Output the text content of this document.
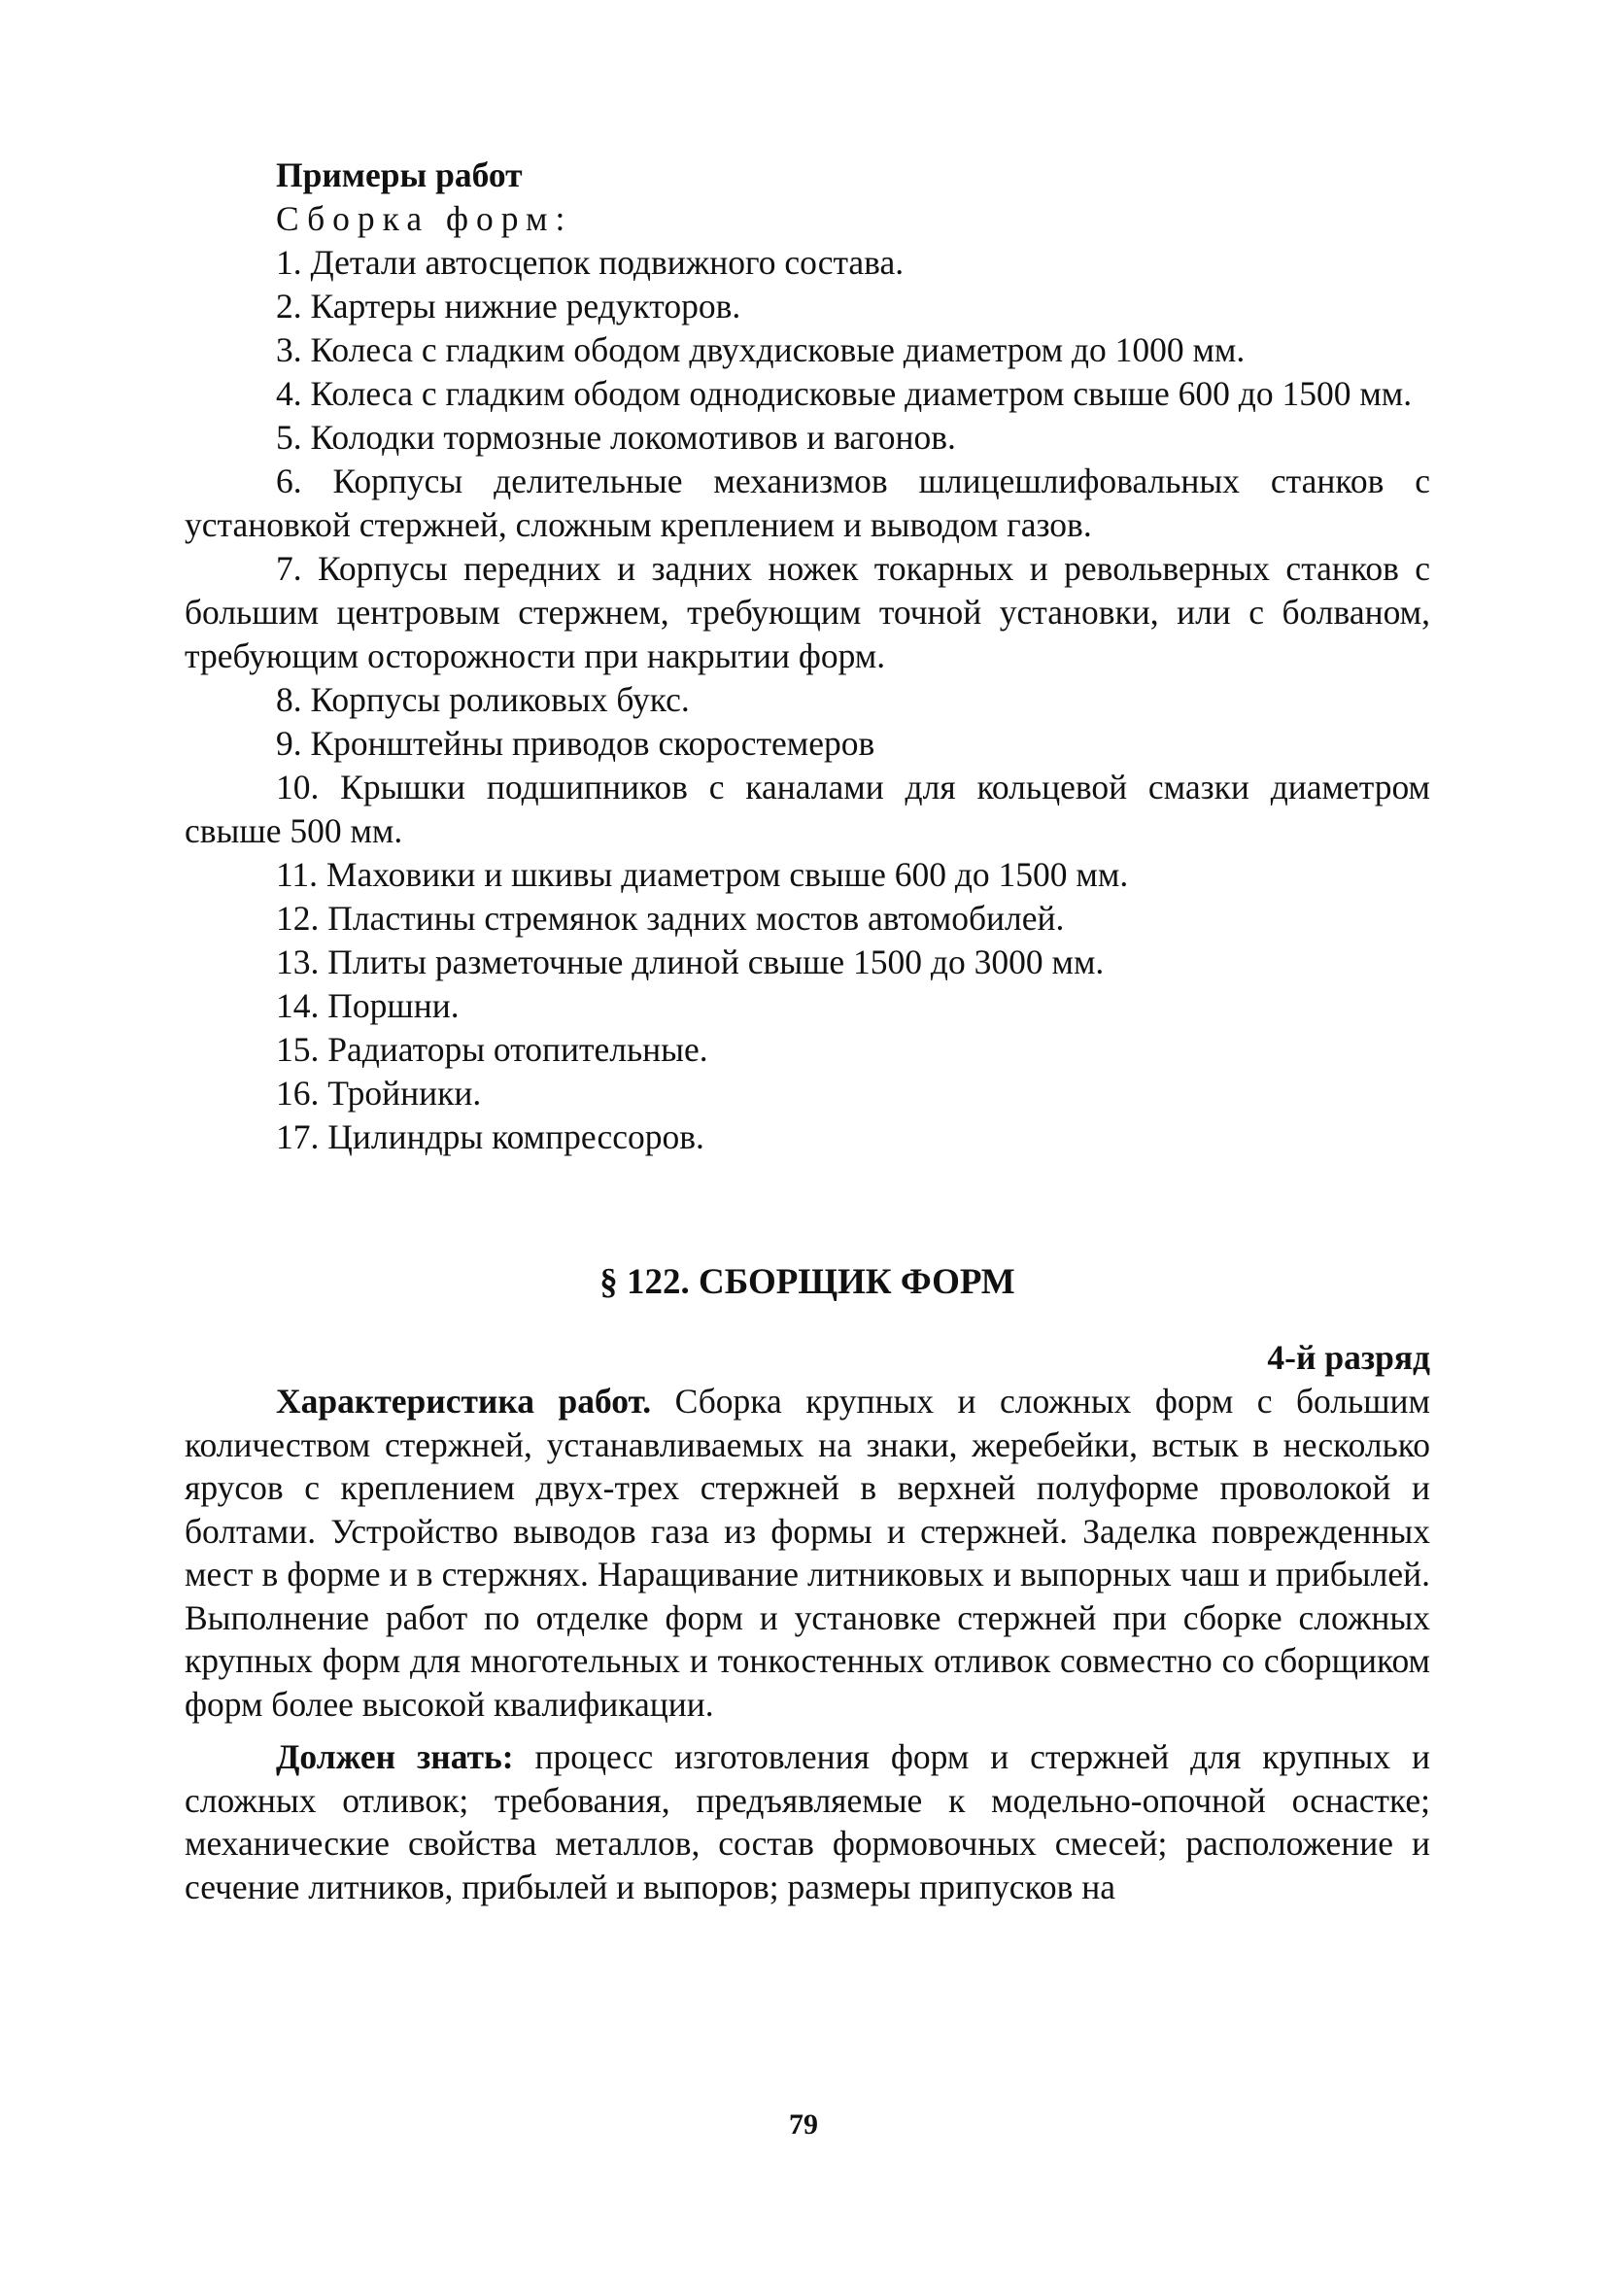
Примеры работ
Сборка форм:

1. Детали автосцепок подвижного состава.

2. Картеры нижние редукторов.

3. Колеса с гладким ободом двухдисковые диаметром до 1000 мм.

4. Колеса с гладким ободом однодисковые диаметром свыше 600 до 1500 мм.

5. Колодки тормозные локомотивов и вагонов.

6. Корпусы делительные механизмов шлицешлифовальных станков с установкой стержней, сложным креплением и выводом газов.

7. Корпусы передних и задних ножек токарных и револьверных станков с большим центровым стержнем, требующим точной установки, или с болваном, требующим осторожности при накрытии форм.

8. Корпусы роликовых букс.

9. Кронштейны приводов скоростемеров

10. Крышки подшипников с каналами для кольцевой смазки диаметром свыше 500 мм.

11. Маховики и шкивы диаметром свыше 600 до 1500 мм.

12. Пластины стремянок задних мостов автомобилей.

13. Плиты разметочные длиной свыше 1500 до 3000 мм.

14. Поршни.

15. Радиаторы отопительные.

16. Тройники.

17. Цилиндры компрессоров.

§ 122. СБОРЩИК ФОРМ
4-й разряд

Характеристика работ. Сборка крупных и сложных форм с большим количеством стержней, устанавливаемых на знаки, жеребейки, встык в несколько ярусов с креплением двух-трех стержней в верхней полуформе проволокой и болтами. Устройство выводов газа из формы и стержней. Заделка поврежденных мест в форме и в стержнях. Наращивание литниковых и выпорных чаш и прибылей. Выполнение работ по отделке форм и установке стержней при сборке сложных крупных форм для многотельных и тонкостенных отливок совместно со сборщиком форм более высокой квалификации.

Должен знать: процесс изготовления форм и стержней для крупных и сложных отливок; требования, предъявляемые к модельно-опочной оснастке; механические свойства металлов, состав формовочных смесей; расположение и сечение литников, прибылей и выпоров; размеры припусков на

79
